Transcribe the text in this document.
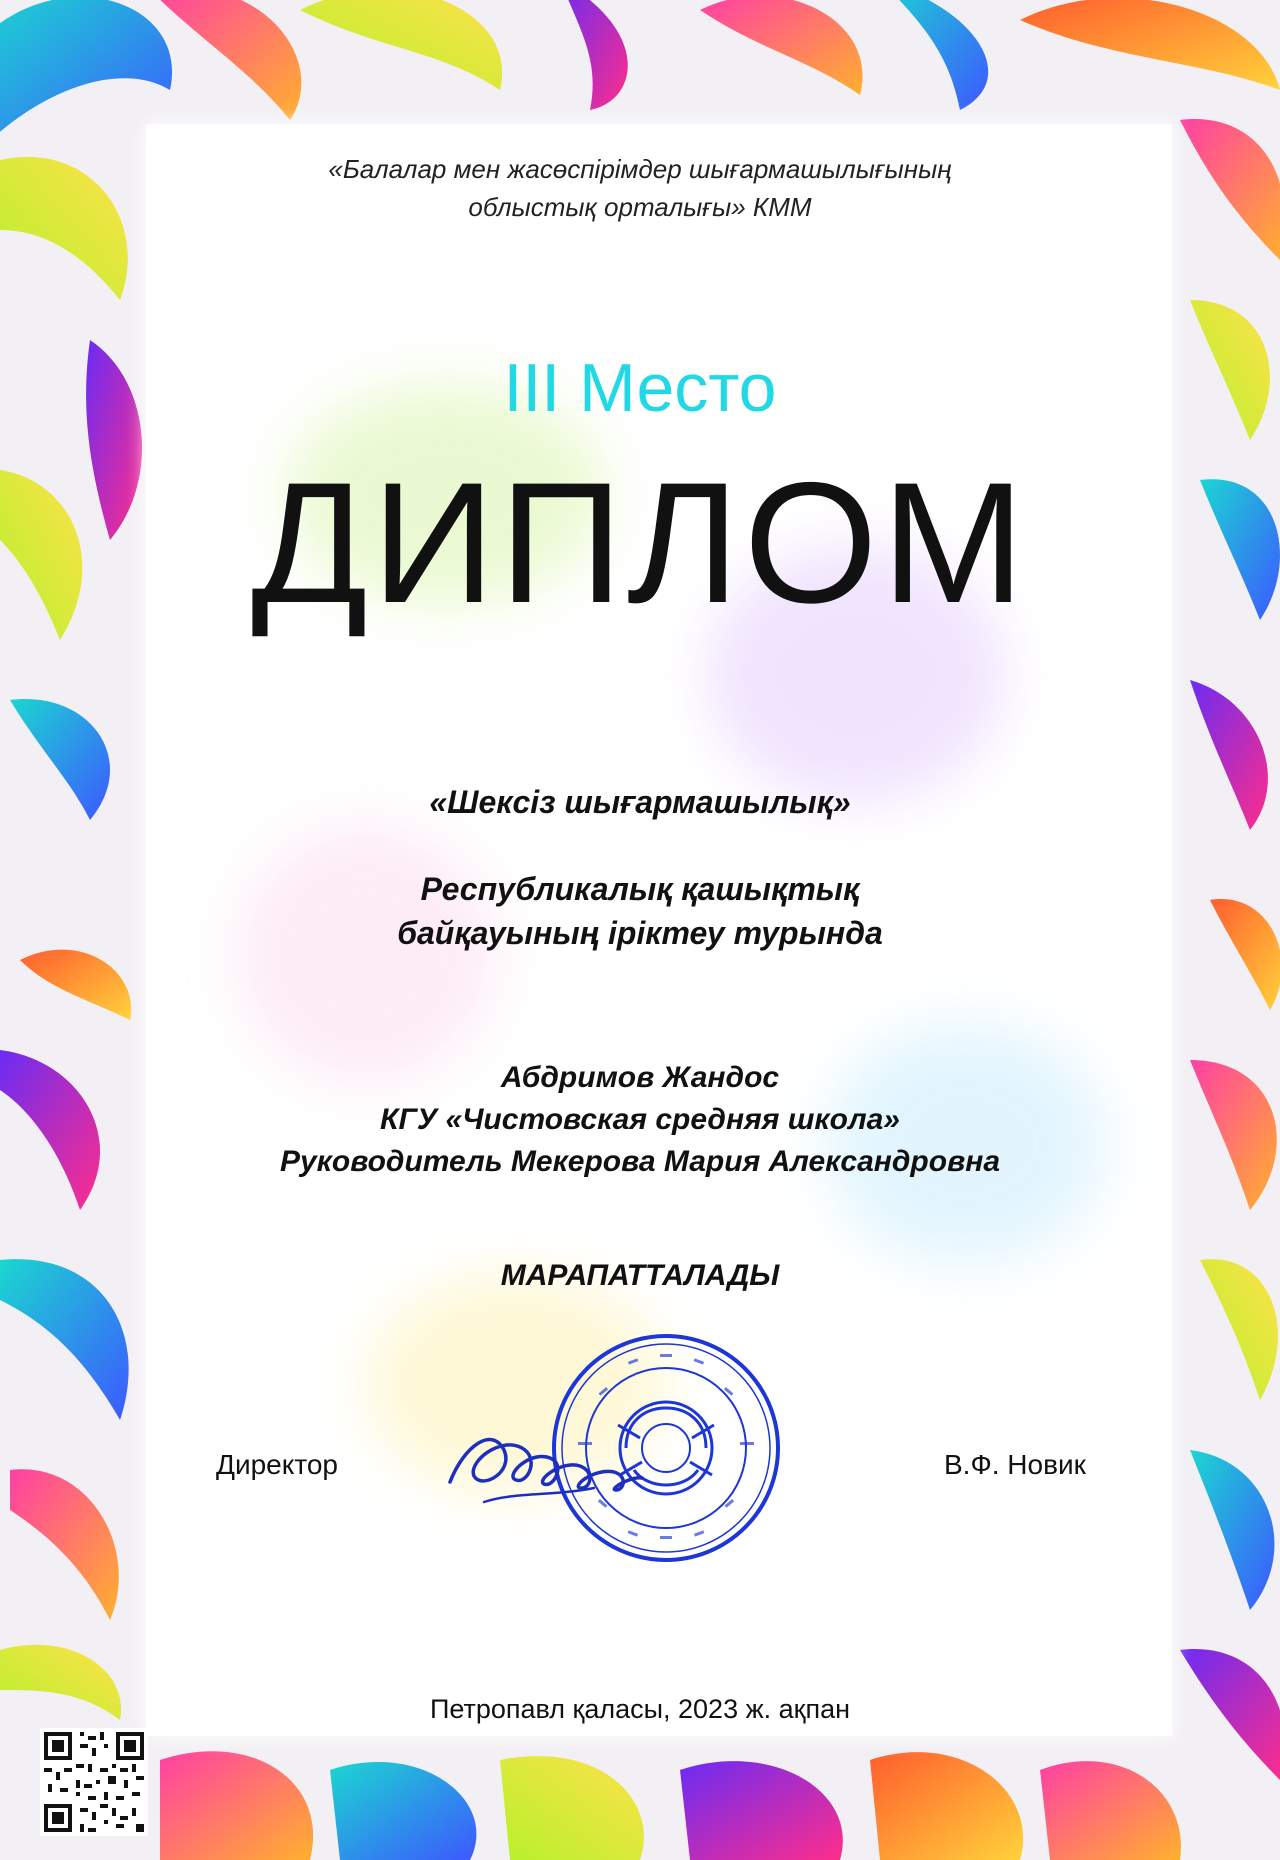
«Балалар мен жасөспірімдер шығармашылығының
облыстық орталығы» КММ
III Место
ДИПЛОМ
«Шексіз шығармашылық»
Республикалық қашықтық
байқауының іріктеу турында
Абдримов Жандос
КГУ «Чистовская средняя школа»
Руководитель Мекерова Мария Александровна
МАРАПАТТАЛАДЫ
Директор	В.Ф. Новик
Петропавл қаласы, 2023 ж. ақпан
